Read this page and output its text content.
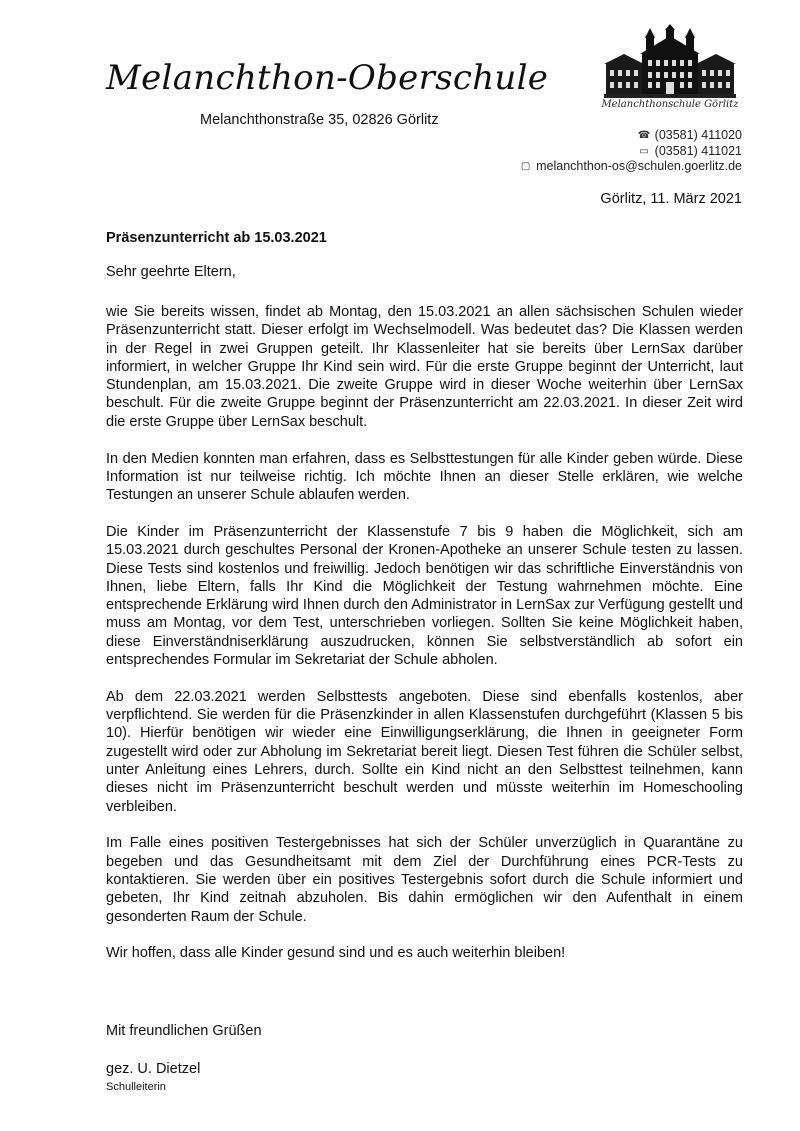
Melanchthon-Oberschule
Melanchthonstraße 35, 02826 Görlitz
Melanchthonschule Görlitz
☎ (03581) 411020
▭ (03581) 411021
▢ melanchthon-os@schulen.goerlitz.de
Görlitz, 11. März 2021
Präsenzunterricht ab 15.03.2021
Sehr geehrte Eltern,

wie Sie bereits wissen, findet ab Montag, den 15.03.2021 an allen sächsischen Schulen wieder Präsenzunterricht statt. Dieser erfolgt im Wechselmodell. Was bedeutet das? Die Klassen werden in der Regel in zwei Gruppen geteilt. Ihr Klassenleiter hat sie bereits über LernSax darüber informiert, in welcher Gruppe Ihr Kind sein wird. Für die erste Gruppe beginnt der Unterricht, laut Stundenplan, am 15.03.2021. Die zweite Gruppe wird in dieser Woche weiterhin über LernSax beschult. Für die zweite Gruppe beginnt der Präsenzunterricht am 22.03.2021. In dieser Zeit wird die erste Gruppe über LernSax beschult.

In den Medien konnten man erfahren, dass es Selbsttestungen für alle Kinder geben würde. Diese Information ist nur teilweise richtig. Ich möchte Ihnen an dieser Stelle erklären, wie welche Testungen an unserer Schule ablaufen werden.

Die Kinder im Präsenzunterricht der Klassenstufe 7 bis 9 haben die Möglichkeit, sich am 15.03.2021 durch geschultes Personal der Kronen-Apotheke an unserer Schule testen zu lassen. Diese Tests sind kostenlos und freiwillig. Jedoch benötigen wir das schriftliche Einverständnis von Ihnen, liebe Eltern, falls Ihr Kind die Möglichkeit der Testung wahrnehmen möchte. Eine entsprechende Erklärung wird Ihnen durch den Administrator in LernSax zur Verfügung gestellt und muss am Montag, vor dem Test, unterschrieben vorliegen. Sollten Sie keine Möglichkeit haben, diese Einverständniserklärung auszudrucken, können Sie selbstverständlich ab sofort ein entsprechendes Formular im Sekretariat der Schule abholen.

Ab dem 22.03.2021 werden Selbsttests angeboten. Diese sind ebenfalls kostenlos, aber verpflichtend. Sie werden für die Präsenzkinder in allen Klassenstufen durchgeführt (Klassen 5 bis 10). Hierfür benötigen wir wieder eine Einwilligungserklärung, die Ihnen in geeigneter Form zugestellt wird oder zur Abholung im Sekretariat bereit liegt. Diesen Test führen die Schüler selbst, unter Anleitung eines Lehrers, durch. Sollte ein Kind nicht an den Selbsttest teilnehmen, kann dieses nicht im Präsenzunterricht beschult werden und müsste weiterhin im Homeschooling verbleiben.

Im Falle eines positiven Testergebnisses hat sich der Schüler unverzüglich in Quarantäne zu begeben und das Gesundheitsamt mit dem Ziel der Durchführung eines PCR-Tests zu kontaktieren. Sie werden über ein positives Testergebnis sofort durch die Schule informiert und gebeten, Ihr Kind zeitnah abzuholen. Bis dahin ermöglichen wir den Aufenthalt in einem gesonderten Raum der Schule.

Wir hoffen, dass alle Kinder gesund sind und es auch weiterhin bleiben!

Mit freundlichen Grüßen
gez. U. Dietzel
Schulleiterin
